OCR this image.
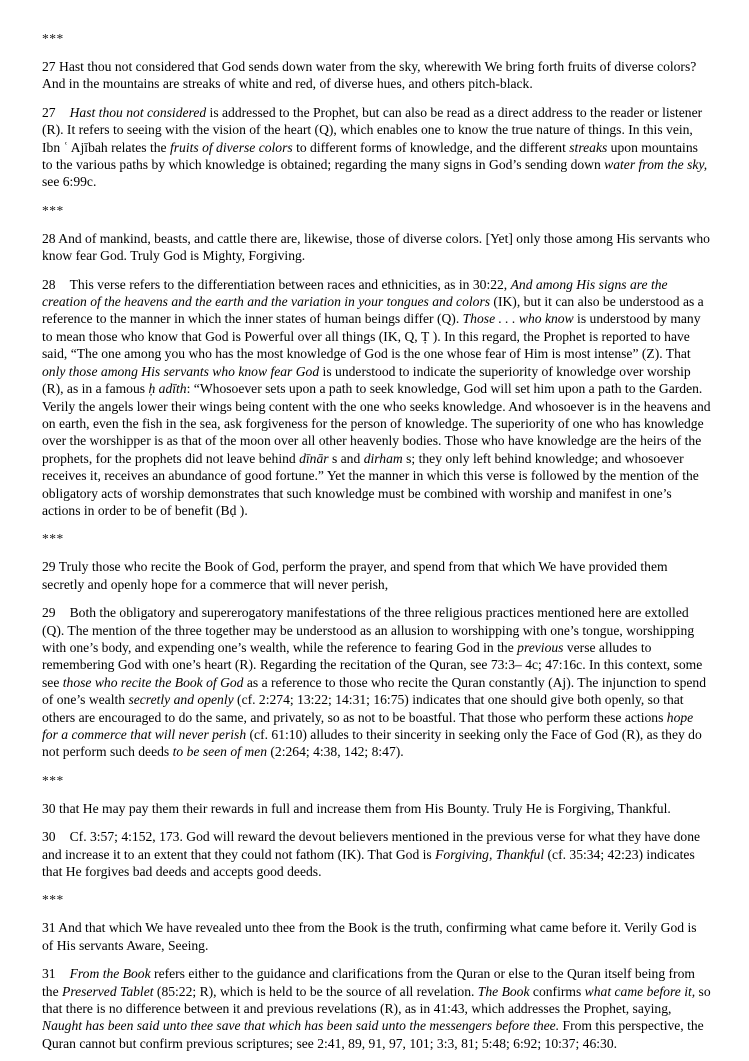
***

27 Hast thou not considered that God sends down water from the sky, wherewith We bring forth fruits of diverse colors? And in the mountains are streaks of white and red, of diverse hues, and others pitch-black.

27 Hast thou not considered is addressed to the Prophet, but can also be read as a direct address to the reader or listener (R). It refers to seeing with the vision of the heart (Q), which enables one to know the true nature of things. In this vein, Ibn ʿ Ajībah relates the fruits of diverse colors to different forms of knowledge, and the different streaks upon mountains to the various paths by which knowledge is obtained; regarding the many signs in God’s sending down water from the sky, see 6:99c.

***

28 And of mankind, beasts, and cattle there are, likewise, those of diverse colors. [Yet] only those among His servants who know fear God. Truly God is Mighty, Forgiving.

28 This verse refers to the differentiation between races and ethnicities, as in 30:22, And among His signs are the creation of the heavens and the earth and the variation in your tongues and colors (IK), but it can also be understood as a reference to the manner in which the inner states of human beings differ (Q). Those . . . who know is understood by many to mean those who know that God is Powerful over all things (IK, Q, Ṭ ). In this regard, the Prophet is reported to have said, “The one among you who has the most knowledge of God is the one whose fear of Him is most intense” (Z). That only those among His servants who know fear God is understood to indicate the superiority of knowledge over worship (R), as in a famous ḥ adīth: “Whosoever sets upon a path to seek knowledge, God will set him upon a path to the Garden. Verily the angels lower their wings being content with the one who seeks knowledge. And whosoever is in the heavens and on earth, even the fish in the sea, ask forgiveness for the person of knowledge. The superiority of one who has knowledge over the worshipper is as that of the moon over all other heavenly bodies. Those who have knowledge are the heirs of the prophets, for the prophets did not leave behind dīnār s and dirham s; they only left behind knowledge; and whosoever receives it, receives an abundance of good fortune.” Yet the manner in which this verse is followed by the mention of the obligatory acts of worship demonstrates that such knowledge must be combined with worship and manifest in one’s actions in order to be of benefit (Bḍ ).

***

29 Truly those who recite the Book of God, perform the prayer, and spend from that which We have provided them secretly and openly hope for a commerce that will never perish,

29 Both the obligatory and supererogatory manifestations of the three religious practices mentioned here are extolled (Q). The mention of the three together may be understood as an allusion to worshipping with one’s tongue, worshipping with one’s body, and expending one’s wealth, while the reference to fearing God in the previous verse alludes to remembering God with one’s heart (R). Regarding the recitation of the Quran, see 73:3– 4c; 47:16c. In this context, some see those who recite the Book of God as a reference to those who recite the Quran constantly (Aj). The injunction to spend of one’s wealth secretly and openly (cf. 2:274; 13:22; 14:31; 16:75) indicates that one should give both openly, so that others are encouraged to do the same, and privately, so as not to be boastful. That those who perform these actions hope for a commerce that will never perish (cf. 61:10) alludes to their sincerity in seeking only the Face of God (R), as they do not perform such deeds to be seen of men (2:264; 4:38, 142; 8:47).

***

30 that He may pay them their rewards in full and increase them from His Bounty. Truly He is Forgiving, Thankful.

30 Cf. 3:57; 4:152, 173. God will reward the devout believers mentioned in the previous verse for what they have done and increase it to an extent that they could not fathom (IK). That God is Forgiving, Thankful (cf. 35:34; 42:23) indicates that He forgives bad deeds and accepts good deeds.

***

31 And that which We have revealed unto thee from the Book is the truth, confirming what came before it. Verily God is of His servants Aware, Seeing.

31 From the Book refers either to the guidance and clarifications from the Quran or else to the Quran itself being from the Preserved Tablet (85:22; R), which is held to be the source of all revelation. The Book confirms what came before it, so that there is no difference between it and previous revelations (R), as in 41:43, which addresses the Prophet, saying, Naught has been said unto thee save that which has been said unto the messengers before thee. From this perspective, the Quran cannot but confirm previous scriptures; see 2:41, 89, 91, 97, 101; 3:3, 81; 5:48; 6:92; 10:37; 46:30.
